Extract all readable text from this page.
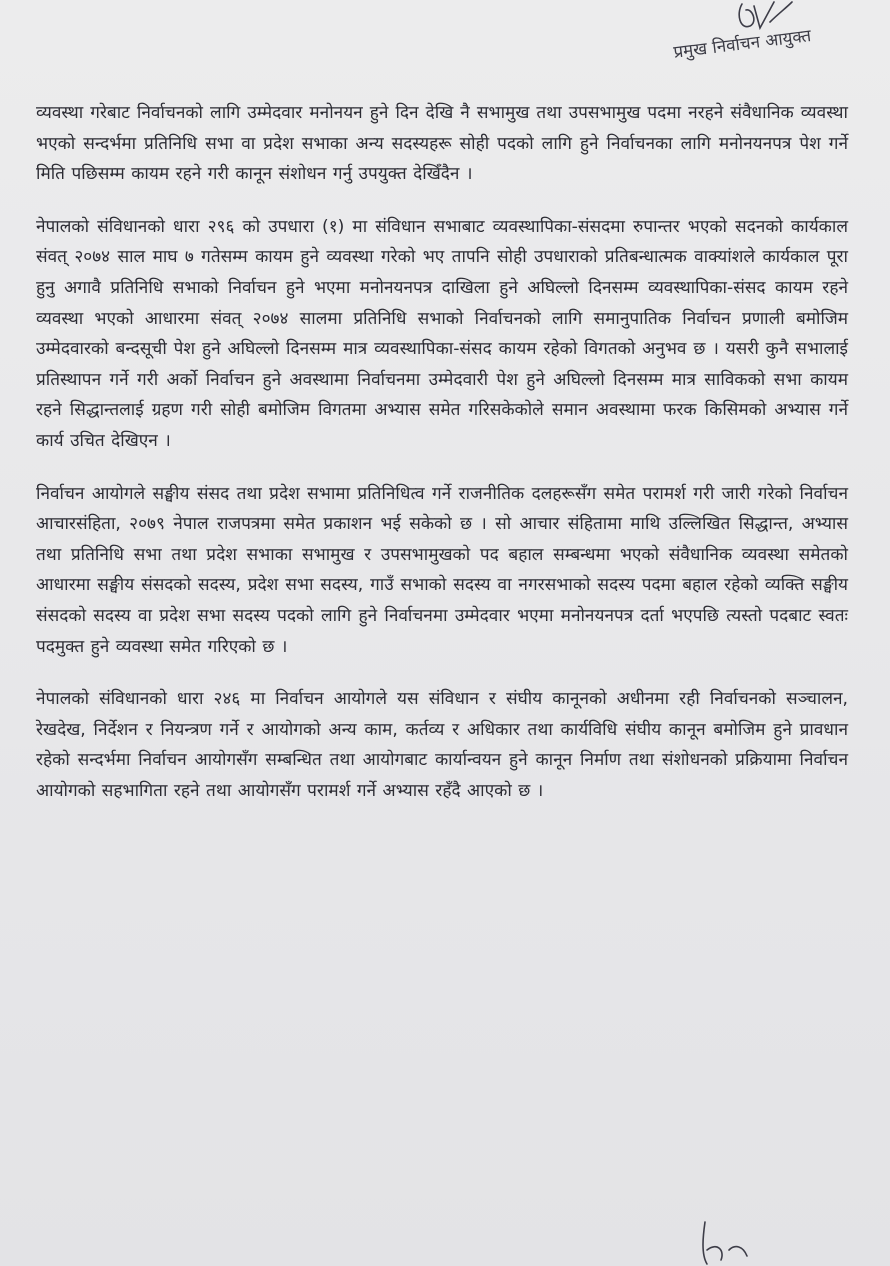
प्रमुख निर्वाचन आयुक्त

व्यवस्था गरेबाट निर्वाचनको लागि उम्मेदवार मनोनयन हुने दिन देखि नै सभामुख तथा उपसभामुख पदमा नरहने संवैधानिक व्यवस्था भएको सन्दर्भमा प्रतिनिधि सभा वा प्रदेश सभाका अन्य सदस्यहरू सोही पदको लागि हुने निर्वाचनका लागि मनोनयनपत्र पेश गर्ने मिति पछिसम्म कायम रहने गरी कानून संशोधन गर्नु उपयुक्त देखिँदैन ।

नेपालको संविधानको धारा २९६ को उपधारा (१) मा संविधान सभाबाट व्यवस्थापिका-संसदमा रुपान्तर भएको सदनको कार्यकाल संवत् २०७४ साल माघ ७ गतेसम्म कायम हुने व्यवस्था गरेको भए तापनि सोही उपधाराको प्रतिबन्धात्मक वाक्यांशले कार्यकाल पूरा हुनु अगावै प्रतिनिधि सभाको निर्वाचन हुने भएमा मनोनयनपत्र दाखिला हुने अघिल्लो दिनसम्म व्यवस्थापिका-संसद कायम रहने व्यवस्था भएको आधारमा संवत् २०७४ सालमा प्रतिनिधि सभाको निर्वाचनको लागि समानुपातिक निर्वाचन प्रणाली बमोजिम उम्मेदवारको बन्दसूची पेश हुने अघिल्लो दिनसम्म मात्र व्यवस्थापिका-संसद कायम रहेको विगतको अनुभव छ । यसरी कुनै सभालाई प्रतिस्थापन गर्ने गरी अर्को निर्वाचन हुने अवस्थामा निर्वाचनमा उम्मेदवारी पेश हुने अघिल्लो दिनसम्म मात्र साविकको सभा कायम रहने सिद्धान्तलाई ग्रहण गरी सोही बमोजिम विगतमा अभ्यास समेत गरिसकेकोले समान अवस्थामा फरक किसिमको अभ्यास गर्ने कार्य उचित देखिएन ।

निर्वाचन आयोगले सङ्घीय संसद तथा प्रदेश सभामा प्रतिनिधित्व गर्ने राजनीतिक दलहरूसँग समेत परामर्श गरी जारी गरेको निर्वाचन आचारसंहिता, २०७९ नेपाल राजपत्रमा समेत प्रकाशन भई सकेको छ । सो आचार संहितामा माथि उल्लिखित सिद्धान्त, अभ्यास तथा प्रतिनिधि सभा तथा प्रदेश सभाका सभामुख र उपसभामुखको पद बहाल सम्बन्धमा भएको संवैधानिक व्यवस्था समेतको आधारमा सङ्घीय संसदको सदस्य, प्रदेश सभा सदस्य, गाउँ सभाको सदस्य वा नगरसभाको सदस्य पदमा बहाल रहेको व्यक्ति सङ्घीय संसदको सदस्य वा प्रदेश सभा सदस्य पदको लागि हुने निर्वाचनमा उम्मेदवार भएमा मनोनयनपत्र दर्ता भएपछि त्यस्तो पदबाट स्वतः पदमुक्त हुने व्यवस्था समेत गरिएको छ ।

नेपालको संविधानको धारा २४६ मा निर्वाचन आयोगले यस संविधान र संघीय कानूनको अधीनमा रही निर्वाचनको सञ्चालन, रेखदेख, निर्देशन र नियन्त्रण गर्ने र आयोगको अन्य काम, कर्तव्य र अधिकार तथा कार्यविधि संघीय कानून बमोजिम हुने प्रावधान रहेको सन्दर्भमा निर्वाचन आयोगसँग सम्बन्धित तथा आयोगबाट कार्यान्वयन हुने कानून निर्माण तथा संशोधनको प्रक्रियामा निर्वाचन आयोगको सहभागिता रहने तथा आयोगसँग परामर्श गर्ने अभ्यास रहँदै आएको छ ।
